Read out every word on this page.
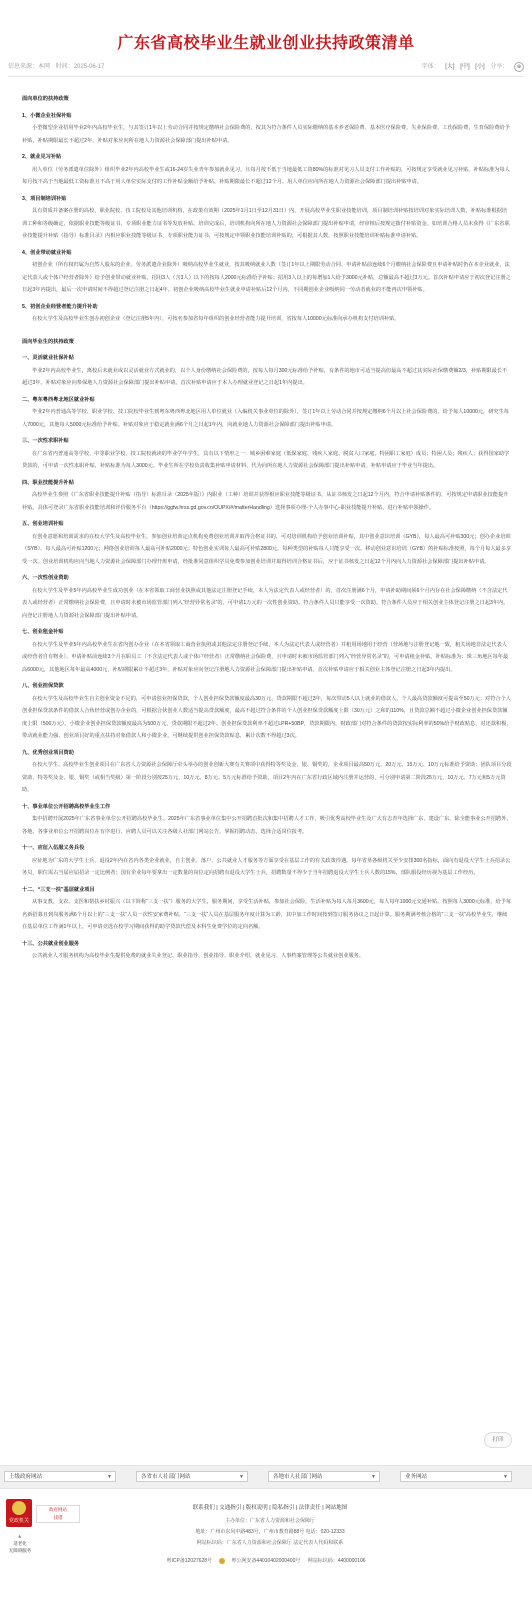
广东省高校毕业生就业创业扶持政策清单
信息来源：本网 时间：2025-06-17	字体： [大] [中] [小] 分享： ⊕
面向单位的扶持政策
1、小微企业社保补贴
小型微型企业招用毕业2年内高校毕业生，与其签订1年以上劳动合同并按规定缴纳社会保险费的，按其为符合条件人员实际缴纳的基本养老保险费、基本医疗保险费、失业保险费、工伤保险费、生育保险费给予补贴，补贴期限最长不超过2年。补贴对象应向所在地人力资源社会保障部门提出补贴申请。
2、就业见习补贴
用人单位（劳务派遣单位除外）组织毕业2年内高校毕业生或16-24岁失业青年参加就业见习，且每月按不低于当地最低工资80%的标准对见习人员支付工作补贴的，可按规定享受就业见习补贴。补贴标准为每人每月按不高于当地最低工资标准且不高于用人单位实际支付的工作补贴金额给予补贴。补贴期限最长不超过12个月。用人单位应向所在地人力资源社会保障部门提出补贴申请。
3、项目制培训补贴
具有资质并备案在册的高校、职业院校、技工院校及其他培训机构，在政策有效期（2025年1月1日至12月31日）内，开展高校毕业生职业技能培训，项目制培训补贴按培训对象实际培训人数，补贴标准根据培训工种和等级确定，依据职业技能等级证书、专项职业能力证书等发放补贴。培训完成后，培训机构向所在地人力资源社会保障部门提出补贴申请，经审核后按规定拨付补贴资金。如培训合格人员未获得《广东省职业技能提升补贴（指导）标准目录》内相应职业技能等级证书、专项职业能力证书，可按规定申领职业技能培训补贴的，可根据其人数，按照职业技能培训补贴标准申请补贴。
4、创业带动就业补贴
初创企业（所有权归属为自然人股东的企业、劳务派遣企业除外）吸纳高校毕业生就业，按其吸纳就业人数（签订1年以上期限劳动合同、申请补贴前连续6个月缴纳社会保险费且申请补贴时仍在本企业就业，法定代表人或个体户经营者除外）给予创业带动就业补贴。招用3人（含3人）以下的按每人2000元标准给予补贴；招用3人以上的每增加1人给予3000元补贴，总额最高不超过3万元。首次补贴申请应于初次登记注册之日起3年内提出，最后一次申请时间不得超过登记注册之日起4年。初创企业吸纳高校毕业生就业申请补贴后12个月内，不同期创业企业吸纳同一劳动者就业的不能再次申领补贴。
5、初创企业经营者能力提升补助
在校大学生及高校毕业生创办初创企业（登记注册5年内），可按名参加省每年组织的创业经营者能力提升培训，省按每人10000元标准向承办机构支付培训补贴。
面向毕业生的扶持政策
一、灵活就业社保补贴
毕业2年内高校毕业生，离校后未就业或以灵活就业方式就业的，以个人身份缴纳社会保险费的，按每人每月300元标准给予补贴，有条件的地市可适当提高但最高不超过其实际社保缴费额2/3，补贴期限最长不超过3年。补贴对象应向参保地人力资源社会保障部门提出补贴申请。首次补贴申请应于本人办理就业登记之日起1年内提出。
二、粤东粤西粤北地区就业补贴
毕业2年内普通高等学校、职业学校、技工院校毕业生到粤东粤西粤北地区用人单位就业（入编机关事业单位的除外），签订1年以上劳动合同并按规定缴纳6个月以上社会保险费的，给予每人10000元，研究生每人7000元，其他每人5000元标准给予补贴。补贴对象应于稳定就业满6个月之日起1年内，向就业地人力资源社会保障部门提出补贴申请。
三、一次性求职补贴
在广东省内普通高等学校、中等职业学校、技工院校就读的毕业学年学生，具有以下情形之一：城乡困难家庭（低保家庭、残疾人家庭、脱贫人口家庭、特困职工家庭）成员；特困人员；残疾人；获得国家助学贷款的，可申请一次性求职补贴，补贴标准为每人3000元。毕业生所在学校负责收集补贴申请材料，代为向所在地人力资源社会保障部门提出补贴申请。补贴申请应于毕业当年提出。
四、职业技能提升补贴
高校毕业生参照《广东省职业技能提升补贴（指导）标准目录（2025年版）》内职业（工种）培训并获得相应职业技能等级证书，从证书核发之日起12个月内，符合申请补贴条件的，可按规定申请职业技能提升补贴。具体可登录广东省职业技能培训和评价服务平台（https://ggfw.hrss.gd.gov.cn/OUPX/#/matterHandling）选择事项办理-个人办事中心-职业技能提升补贴，进行补贴申领操作。
五、创业培训补贴
有创业意愿和培训需求的在校大学生及高校毕业生，参加创业培训定点机构免费创业培训并取得合格证书的，可对培训机构给予创业培训补贴，其中创业意识培训（GYB），每人最高可补贴300元；创办企业培训（SYB），每人最高可补贴1200元；网络创业培训每人最高可补贴2000元；特色创业实训每人最高可补贴2800元。每种类型的补贴每人只能享受一次。移动创业意识培训（GYB）的补贴标准按照，每个月每人最多享受一次。创业培训机构应向当地人力资源社会保障部门办理开班申请，经批准同意组织学员免费参加创业培训并取得培训合格证书后，应于证书核发之日起12个月内向人力资源社会保障部门提出补贴申请。
六、一次性创业资助
在校大学生及毕业5年内高校毕业生成功创业（在本省领取工商营业执照或其他法定注册登记手续，本人为法定代表人或经营者）的，首次注册满6个月，申请补助期间须6个月内存在社会保障缴纳（不含法定代表人或经营者）正常缴纳社会保险费，且申请时未被市场监管部门列入“经营异常名录”的，可申请1万元的一次性创业资助。符合条件人员只能享受一次资助。符合条件人员应于相关创业主体登记注册之日起3年内，向登记注册地人力资源社会保障部门提出补贴申请。
七、创业租金补贴
在校大学生及毕业5年内高校毕业生在省内创办企业（在本省领取工商营业执照或其他法定注册登记手续，本人为法定代表人或经营者）并租用场地用于经营（营场地与注册登记地一致，租关场地非法定代表人或经营者自有物业），申请补贴前连续3个月在职员工（不含法定代表人或个体户经营者）正常缴纳社会保险费，且申请时未被市场监管部门列入“经营异常名录”的，可申请租金补贴。补贴标准为：珠三角地区每年最高6000元，其他地区每年最高4000元，补贴期限累计不超过3年。补贴对象应向登记注册地人力资源社会保障部门提出补贴申请。首次补贴申请应于相关创业主体登记注册之日起3年内提出。
八、创业担保贷款
在校大学生及高校毕业生自主创业资金不足的，可申请创业担保贷款。个人创业担保贷款额度最高30万元，贷款期限不超过3年，每次带动5人以上就业的借款人，个人最高贷款额度可提高至50万元；对符合个人创业担保贷款条件的借款人合伙经营或创办企业的，可根据合伙创业人数适当提高贷款额度，最高不超过符合条件的个人创业担保贷款额度上限（30万元）之和的110%，且贷款总额不超过小微企业创业担保贷款额度上限（500万元）。小微企业创业担保贷款额度最高为500万元，贷款期限不超过2年。创业担保贷款利率不超过LPR+50BP，贷款期限内，财政部门对符合条件的贷款按实际利率的50%给予财政贴息，对还款积极、带动就业能力强、创业项目好的重点扶持对象借款人和小微企业，可继续提供创业担保贷款贴息，累计次数不得超过3次。
九、优秀创业项目资助
在校大学生、高校毕业生创业项目在广东省人力资源社会保障厅牵头举办的创业创新大赛有关赛项中获得特等奖及金、银、铜奖的，企业项目最高50万元、20万元、15万元、10万元标准给予资助；团队项目分段资助，特等奖及金、银、铜奖（或相当奖级）第一阶段分别按25万元、10万元、8万元、5万元标准给予资助，项目2年内在广东省行政区域内注册并运营的，可分别申请第二阶段25万元、10万元、7万元和5万元资助。
十、事业单位公开招聘高校毕业生工作
集中招聘开展2025年广东省事业单位公开招聘高校毕业生。2025年广东省事业单位集中公开招聘首批次和集中招聘人才工作，吸引优秀高校毕业生及广大有志青年选择广东、建设广东。除全能事业公开招聘外，各地、各事业单位公开招聘岗位在有序进行，应聘人员可以关注各级人社部门网站公告，掌握招聘动态、选择合适岗位报考。
十一、应征入伍服义务兵役
应征地为广东的大学生士兵，退役2年内在省内各类企业就业，自主创业、落户、公共就业人才服务等方面享受在基层工作的有关政策待遇。每年省垦各级机关至少安排300名指标，面向有退役大学生士兵招录公务员，职位需占当届应届招录一定比例者；国有企业每年要拿出一定数量的岗位定向招聘有退役大学生士兵，招聘数量不得少于当年招聘退役大学生士兵人数的15%，部队服役经历视为基层工作经历。
十二、“三支一扶”基层就业项目
从事支教、支农、支医和帮扶乡村振兴（以下简称“三支一扶”）服务的大学生，服务期间，享受生活补贴，参加社会保险。生活补贴为每人每月3600元，每人每年1000元交通补贴。按照每人3000元标准，给予每名新招募且到岗服务满6个月以上的“三支一扶”人员一次性安家费补贴。“三支一扶”人员在基层服务年度计算为工龄，其中加工作时间按到签订服务协议之日起计算。服务期满考核合格的“三支一扶”高校毕业生，继续在基层单位工作满1年以上，可申请竞选在校学习期间获得的助学贷款代偿及本科生免费学位的定向名额。
十三、公共就业创业服务
公共就业人才服务机构为高校毕业生提供免费的就业失业登记、职业指导、创业指导、职业介绍、就业见习、人事档案管理等公共就业创业服务。
打印
上级政府网站	▼	各省市人社部门网站	▼	各地市人社部门网站	▼	业务网站	▼
党政机关
政府网站
找错
♿
适老化
无障碍服务
联系我们 | 交通指引 | 版权说明 | 隐私指引 | 法律责任 | 网站地图
主办单位：广东省人力资源和社会保障厅
地址：广州市东风中路483号，广州市教育路88号 电话：020-12333
网站标识码：广东省人力资源和社会保障厅 法定代表人代码和联系
粤ICP备12027628号	粤公网安备44010402000400号 网站标识码：4400000106
